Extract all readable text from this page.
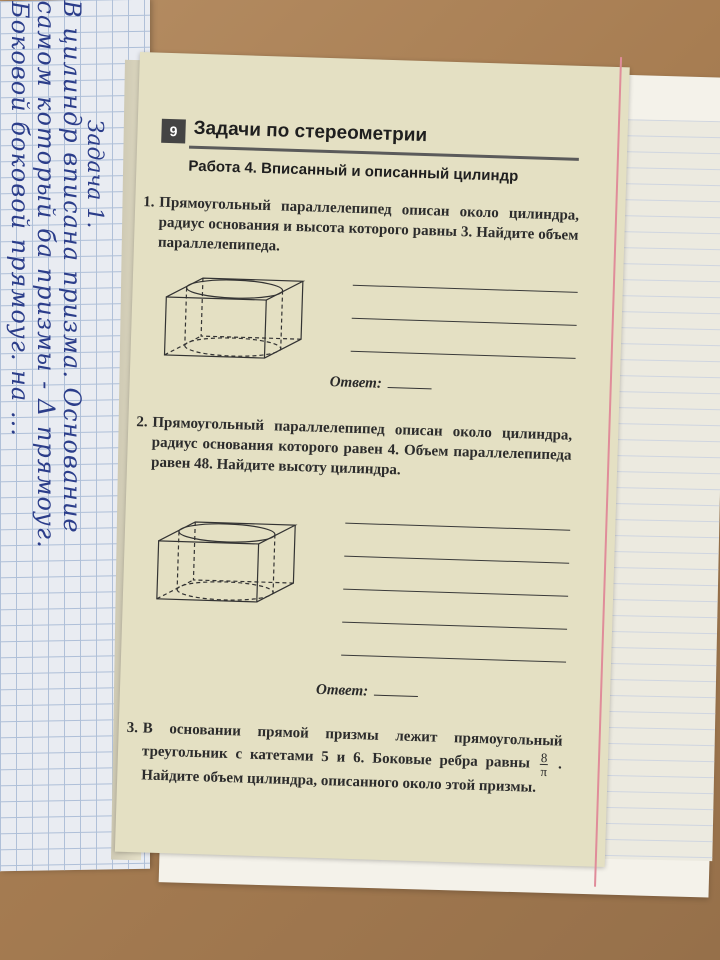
Боковой боковой прямоуг. на ...
самом который ба призмы - Δ прямоуг.
В цилиндр вписана призма. Основание
Задача 1.	9 Задачи по стереометрии
Работа 4. Вписанный и описанный цилиндр
1. Прямоугольный параллелепипед описан около цилиндра, радиус основания и высота которого равны 3. Найдите объем параллелепипеда.
Ответ:
2. Прямоугольный параллелепипед описан около цилиндра, радиус основания которого равен 4. Объем параллелепипеда равен 48. Найдите высоту цилиндра.
Ответ:
3. В основании прямой призмы лежит прямоугольный треугольник с катетами 5 и 6. Боковые ребра равны $\frac{8}{\pi}$ . Найдите объем цилиндра, описанного около этой призмы.
